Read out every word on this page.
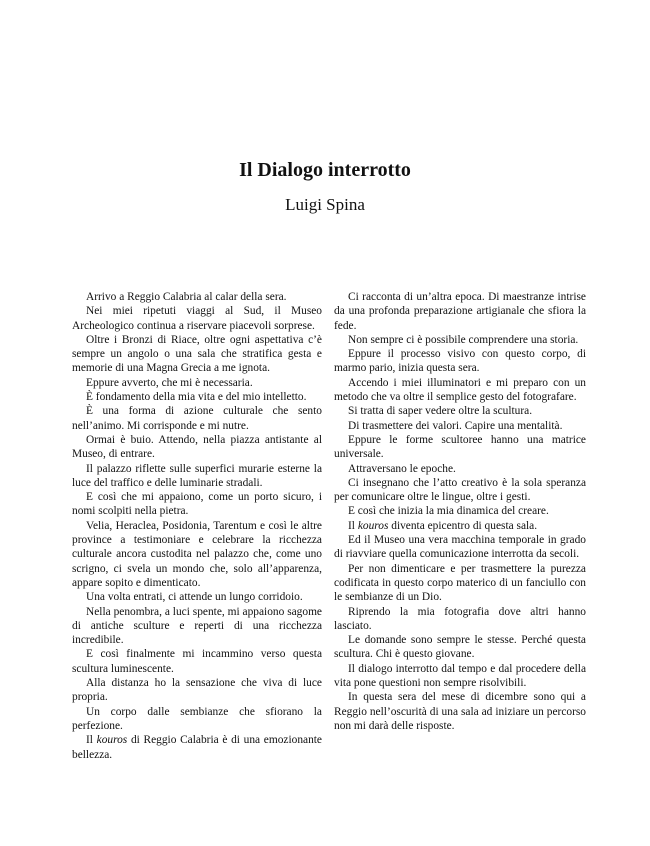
Il Dialogo interrotto
Luigi Spina

Arrivo a Reggio Calabria al calar della sera.

Nei miei ripetuti viaggi al Sud, il Museo Archeologico continua a riservare piacevoli sorprese.

Oltre i Bronzi di Riace, oltre ogni aspettativa c’è sempre un angolo o una sala che stratifica gesta e memorie di una Magna Grecia a me ignota.

Eppure avverto, che mi è necessaria.

È fondamento della mia vita e del mio intelletto.

È una forma di azione culturale che sento nell’animo. Mi corrisponde e mi nutre.

Ormai è buio. Attendo, nella piazza antistante al Museo, di entrare.

Il palazzo riflette sulle superfici murarie esterne la luce del traffico e delle luminarie stradali.

E così che mi appaiono, come un porto sicuro, i nomi scolpiti nella pietra.

Velia, Heraclea, Posidonia, Tarentum e così le altre province a testimoniare e celebrare la ricchezza culturale ancora custodita nel palazzo che, come uno scrigno, ci svela un mondo che, solo all’apparenza, appare sopito e dimenticato.

Una volta entrati, ci attende un lungo corridoio.

Nella penombra, a luci spente, mi appaiono sagome di antiche sculture e reperti di una ricchezza incredibile.

E così finalmente mi incammino verso questa scultura luminescente.

Alla distanza ho la sensazione che viva di luce propria.

Un corpo dalle sembianze che sfiorano la perfezione.

Il kouros di Reggio Calabria è di una emozionante bellezza.

Ci racconta di un’altra epoca. Di maestranze intrise da una profonda preparazione artigianale che sfiora la fede.

Non sempre ci è possibile comprendere una storia.

Eppure il processo visivo con questo corpo, di marmo pario, inizia questa sera.

Accendo i miei illuminatori e mi preparo con un metodo che va oltre il semplice gesto del fotografare.

Si tratta di saper vedere oltre la scultura.

Di trasmettere dei valori. Capire una mentalità.

Eppure le forme scultoree hanno una matrice universale.

Attraversano le epoche.

Ci insegnano che l’atto creativo è la sola speranza per comunicare oltre le lingue, oltre i gesti.

E così che inizia la mia dinamica del creare.

Il kouros diventa epicentro di questa sala.

Ed il Museo una vera macchina temporale in grado di riavviare quella comunicazione interrotta da secoli.

Per non dimenticare e per trasmettere la purezza codificata in questo corpo materico di un fanciullo con le sembianze di un Dio.

Riprendo la mia fotografia dove altri hanno lasciato.

Le domande sono sempre le stesse. Perché questa scultura. Chi è questo giovane.

Il dialogo interrotto dal tempo e dal procedere della vita pone questioni non sempre risolvibili.

In questa sera del mese di dicembre sono qui a Reggio nell’oscurità di una sala ad iniziare un percorso non mi darà delle risposte.
